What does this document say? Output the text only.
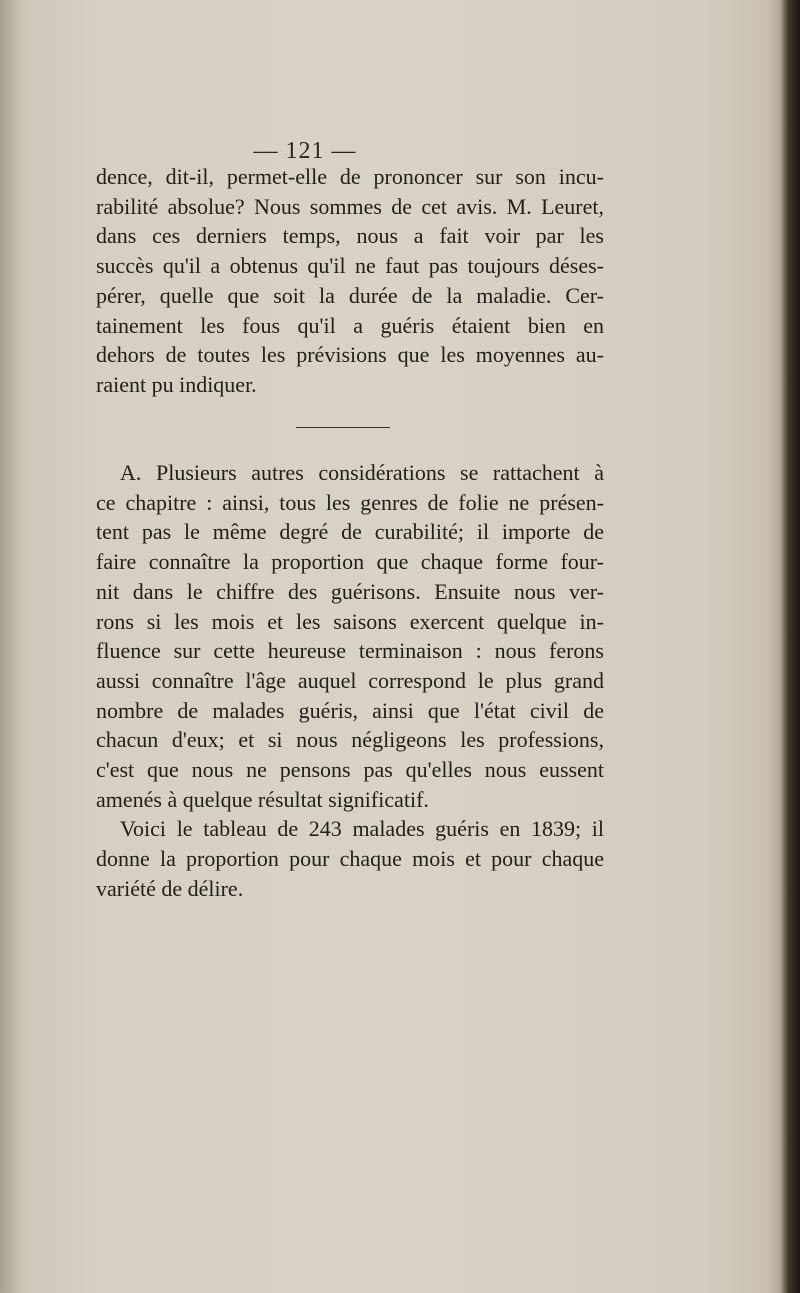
— 121 —
dence, dit-il, permet-elle de prononcer sur son incu-
rabilité absolue? Nous sommes de cet avis. M. Leuret,
dans ces derniers temps, nous a fait voir par les
succès qu'il a obtenus qu'il ne faut pas toujours déses-
pérer, quelle que soit la durée de la maladie. Cer-
tainement les fous qu'il a guéris étaient bien en
dehors de toutes les prévisions que les moyennes au-
raient pu indiquer.
A. Plusieurs autres considérations se rattachent à
ce chapitre : ainsi, tous les genres de folie ne présen-
tent pas le même degré de curabilité; il importe de
faire connaître la proportion que chaque forme four-
nit dans le chiffre des guérisons. Ensuite nous ver-
rons si les mois et les saisons exercent quelque in-
fluence sur cette heureuse terminaison : nous ferons
aussi connaître l'âge auquel correspond le plus grand
nombre de malades guéris, ainsi que l'état civil de
chacun d'eux; et si nous négligeons les professions,
c'est que nous ne pensons pas qu'elles nous eussent
amenés à quelque résultat significatif.
Voici le tableau de 243 malades guéris en 1839; il
donne la proportion pour chaque mois et pour chaque
variété de délire.
